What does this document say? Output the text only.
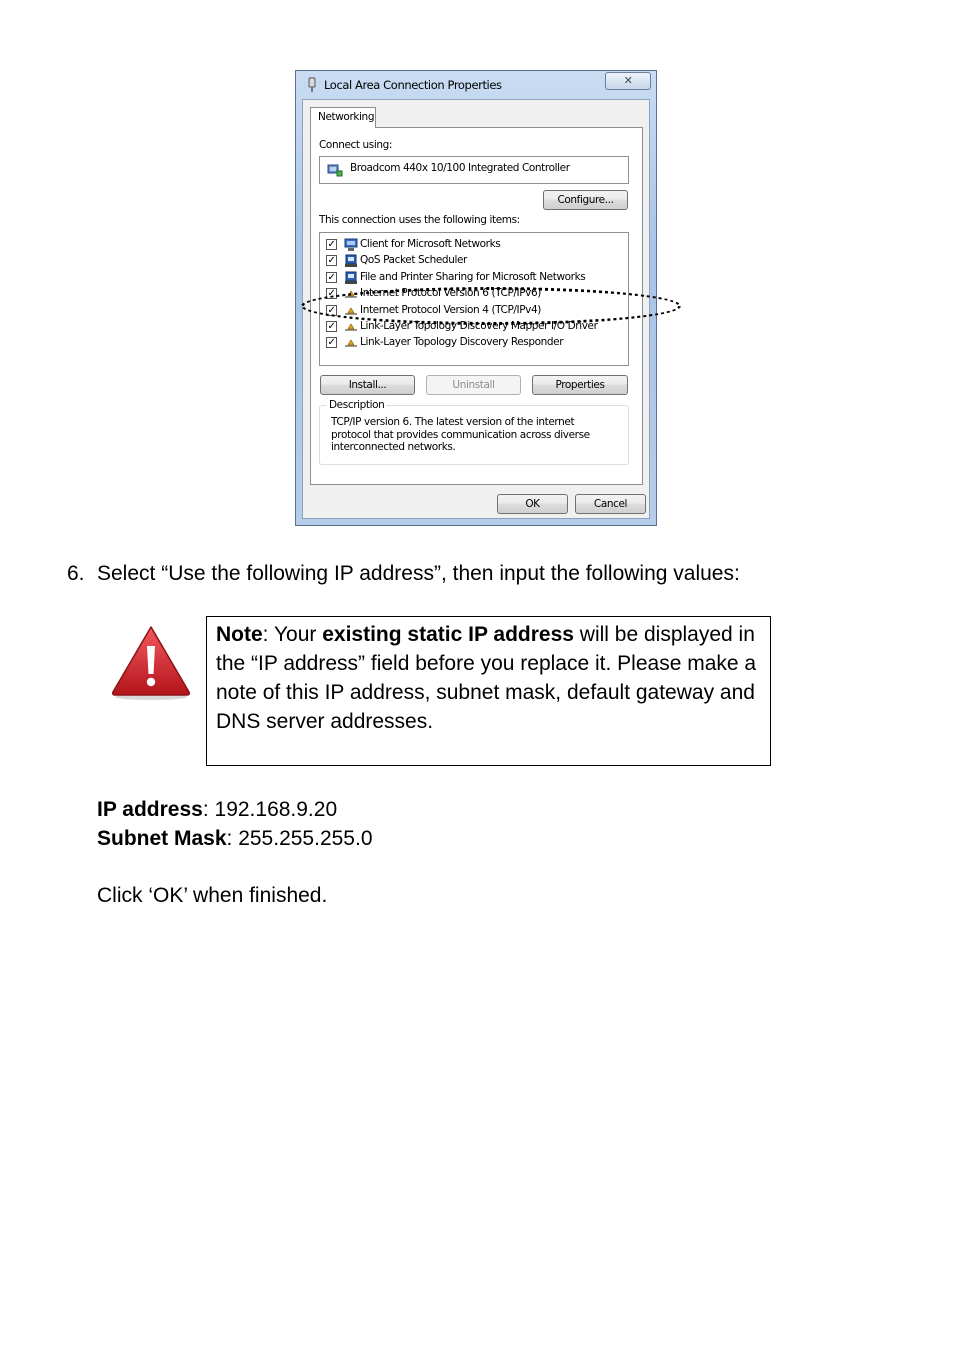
Local Area Connection Properties	✕
Networking
Connect using:
Broadcom 440x 10/100 Integrated Controller
Configure...
This connection uses the following items:
✓ Client for Microsoft Networks
✓ QoS Packet Scheduler
✓ File and Printer Sharing for Microsoft Networks
✓ Internet Protocol Version 6 (TCP/IPv6)
✓ Internet Protocol Version 4 (TCP/IPv4)
✓ Link-Layer Topology Discovery Mapper I/O Driver
✓ Link-Layer Topology Discovery Responder
Install...	Uninstall	Properties
Description
TCP/IP version 6. The latest version of the internet protocol that provides communication across diverse interconnected networks.
OK	Cancel
6. Select “Use the following IP address”, then input the following values:
Note: Your existing static IP address will be displayed in the “IP address” field before you replace it. Please make a note of this IP address, subnet mask, default gateway and DNS server addresses.
IP address: 192.168.9.20
Subnet Mask: 255.255.255.0
Click ‘OK’ when finished.
